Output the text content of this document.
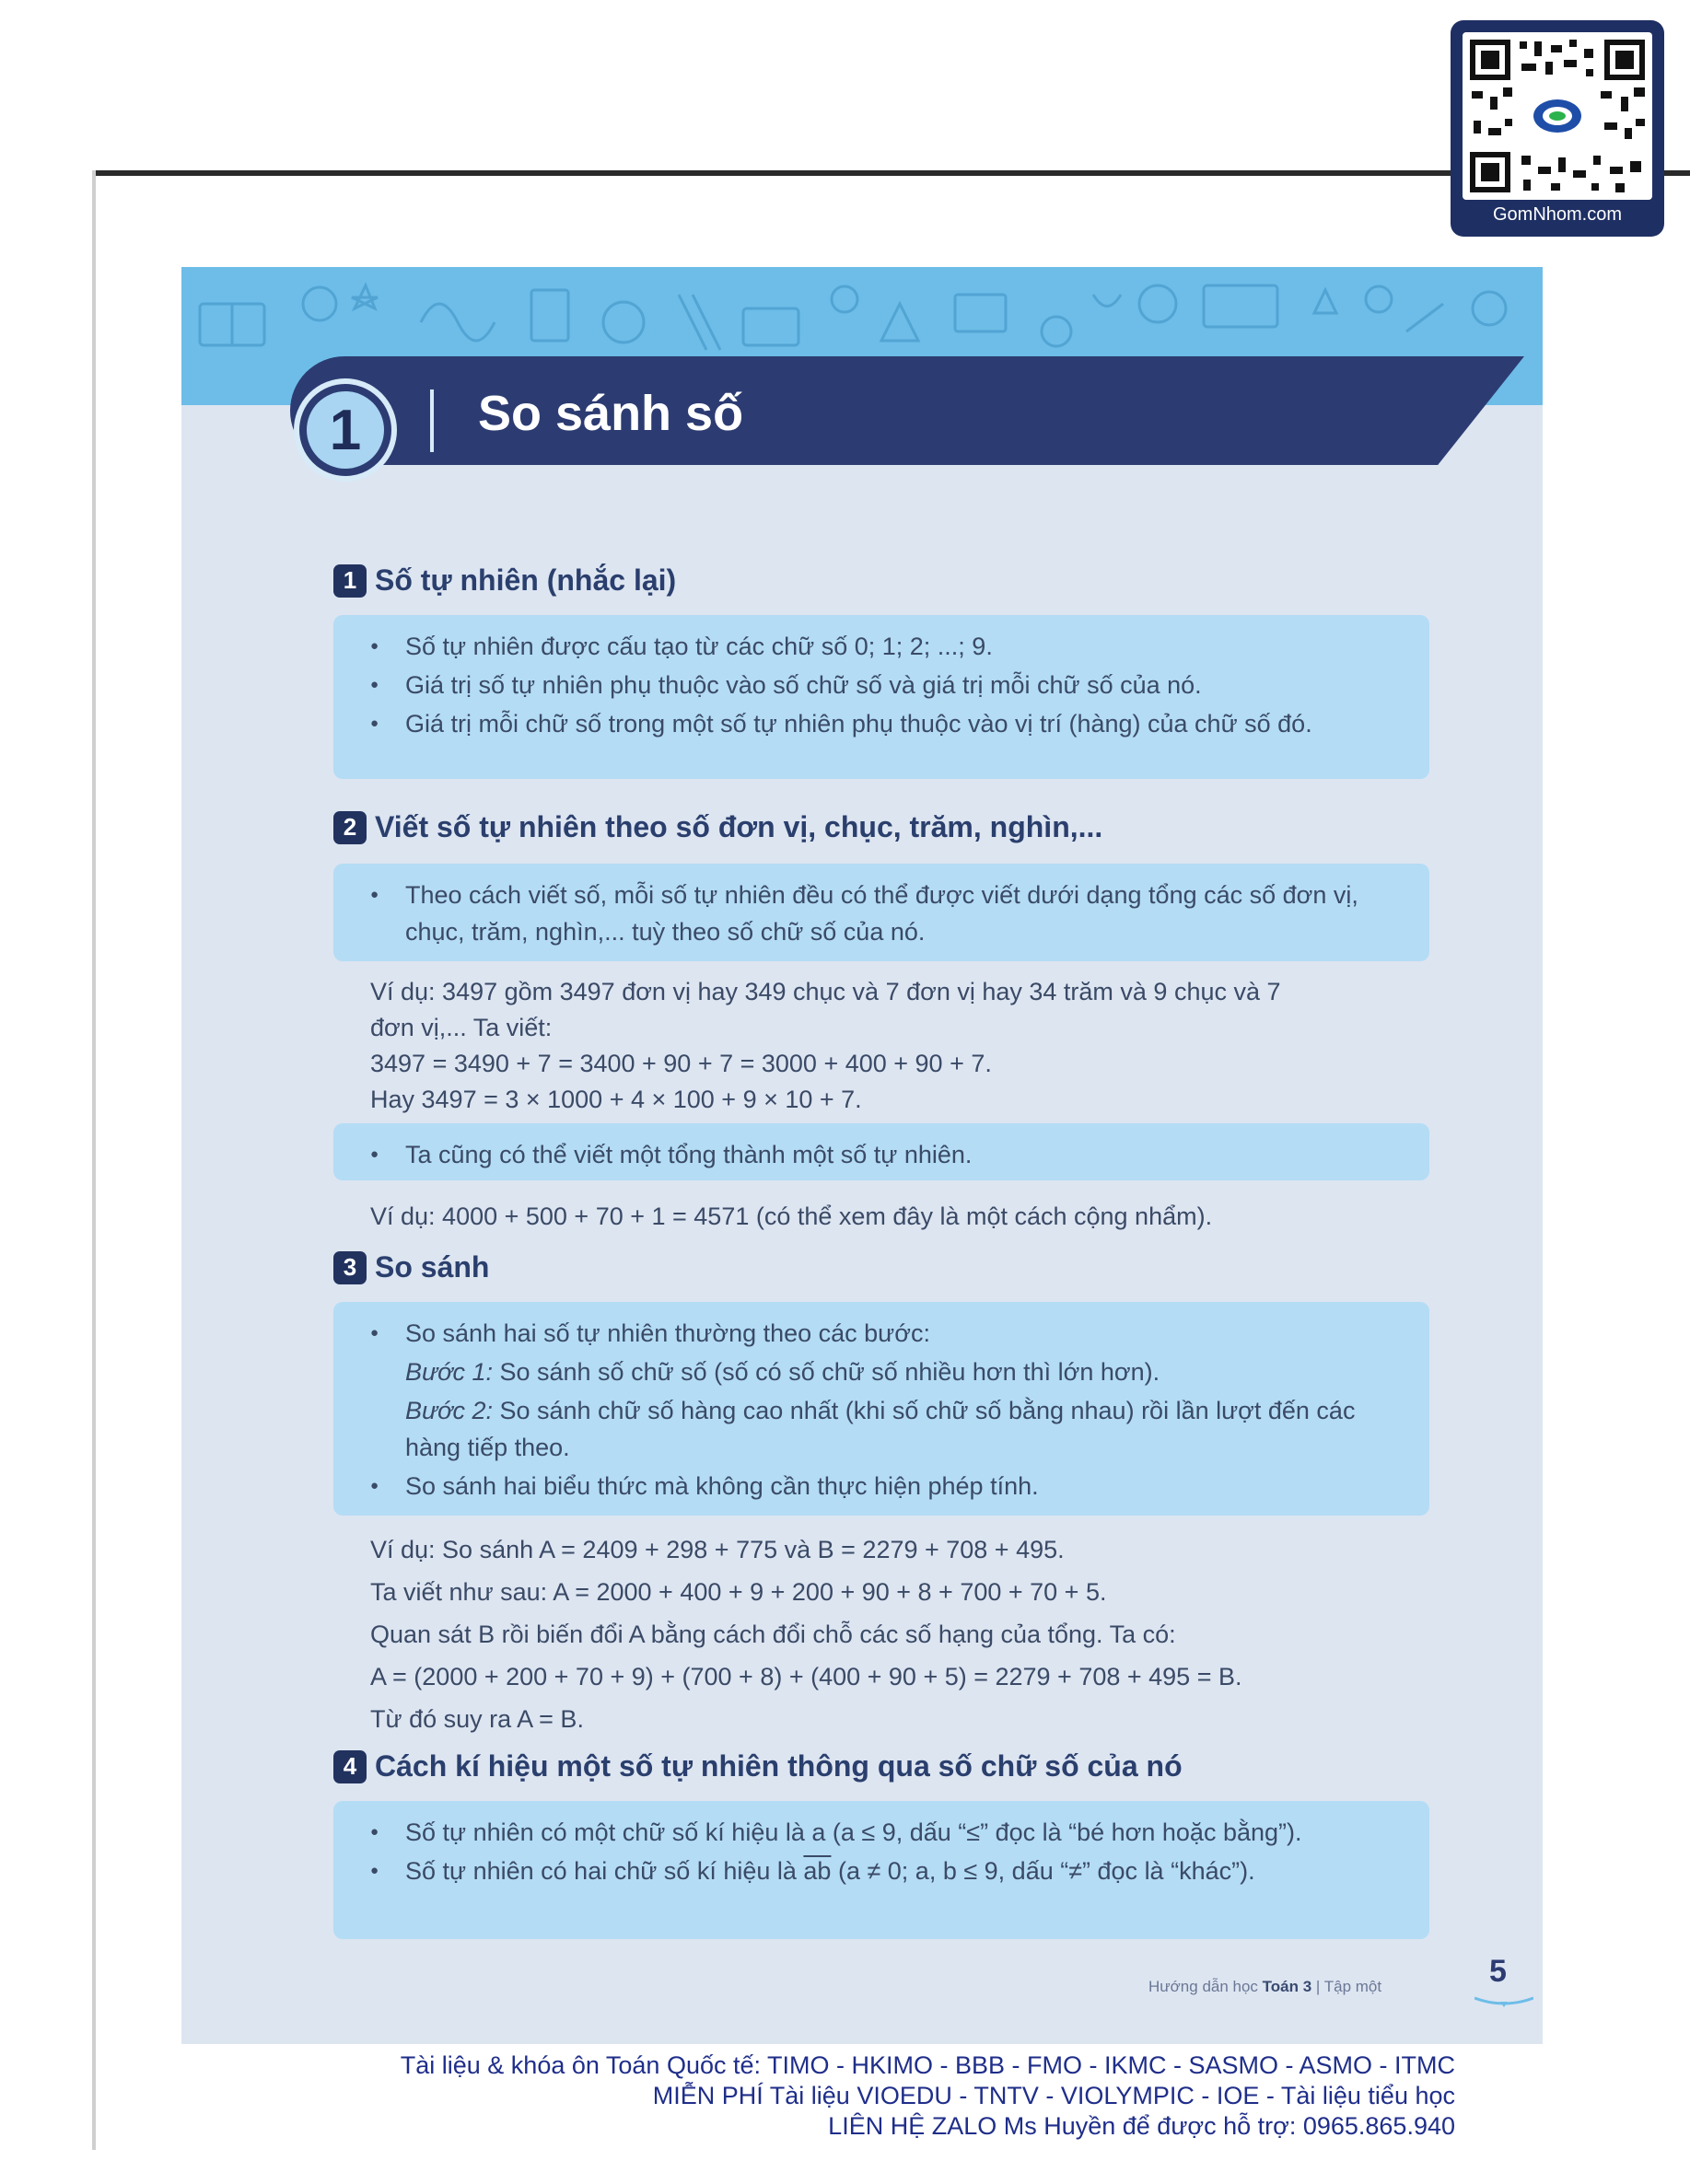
1	So sánh số
1 Số tự nhiên (nhắc lại)
● Số tự nhiên được cấu tạo từ các chữ số 0; 1; 2; ...; 9.
● Giá trị số tự nhiên phụ thuộc vào số chữ số và giá trị mỗi chữ số của nó.
● Giá trị mỗi chữ số trong một số tự nhiên phụ thuộc vào vị trí (hàng) của chữ số đó.
2 Viết số tự nhiên theo số đơn vị, chục, trăm, nghìn,...
● Theo cách viết số, mỗi số tự nhiên đều có thể được viết dưới dạng tổng các số đơn vị, chục, trăm, nghìn,... tuỳ theo số chữ số của nó.
Ví dụ: 3497 gồm 3497 đơn vị hay 349 chục và 7 đơn vị hay 34 trăm và 9 chục và 7
đơn vị,... Ta viết:
3497 = 3490 + 7 = 3400 + 90 + 7 = 3000 + 400 + 90 + 7.
Hay 3497 = 3 × 1000 + 4 × 100 + 9 × 10 + 7.
● Ta cũng có thể viết một tổng thành một số tự nhiên.
Ví dụ: 4000 + 500 + 70 + 1 = 4571 (có thể xem đây là một cách cộng nhẩm).
3 So sánh
● So sánh hai số tự nhiên thường theo các bước:
Bước 1: So sánh số chữ số (số có số chữ số nhiều hơn thì lớn hơn).
Bước 2: So sánh chữ số hàng cao nhất (khi số chữ số bằng nhau) rồi lần lượt đến các hàng tiếp theo.
● So sánh hai biểu thức mà không cần thực hiện phép tính.
Ví dụ: So sánh A = 2409 + 298 + 775 và B = 2279 + 708 + 495.
Ta viết như sau: A = 2000 + 400 + 9 + 200 + 90 + 8 + 700 + 70 + 5.
Quan sát B rồi biến đổi A bằng cách đổi chỗ các số hạng của tổng. Ta có:
A = (2000 + 200 + 70 + 9) + (700 + 8) + (400 + 90 + 5) = 2279 + 708 + 495 = B.
Từ đó suy ra A = B.
4 Cách kí hiệu một số tự nhiên thông qua số chữ số của nó
● Số tự nhiên có một chữ số kí hiệu là a (a ≤ 9, dấu “≤” đọc là “bé hơn hoặc bằng”).
● Số tự nhiên có hai chữ số kí hiệu là $\overline{ab}$ (a ≠ 0; a, b ≤ 9, dấu “≠” đọc là “khác”).
Hướng dẫn học Toán 3 | Tập một	5
GomNhom.com
Tài liệu & khóa ôn Toán Quốc tế: TIMO - HKIMO - BBB - FMO - IKMC - SASMO - ASMO - ITMC
MIỄN PHÍ Tài liệu VIOEDU - TNTV - VIOLYMPIC - IOE - Tài liệu tiểu học
LIÊN HỆ ZALO Ms Huyền để được hỗ trợ: 0965.865.940
